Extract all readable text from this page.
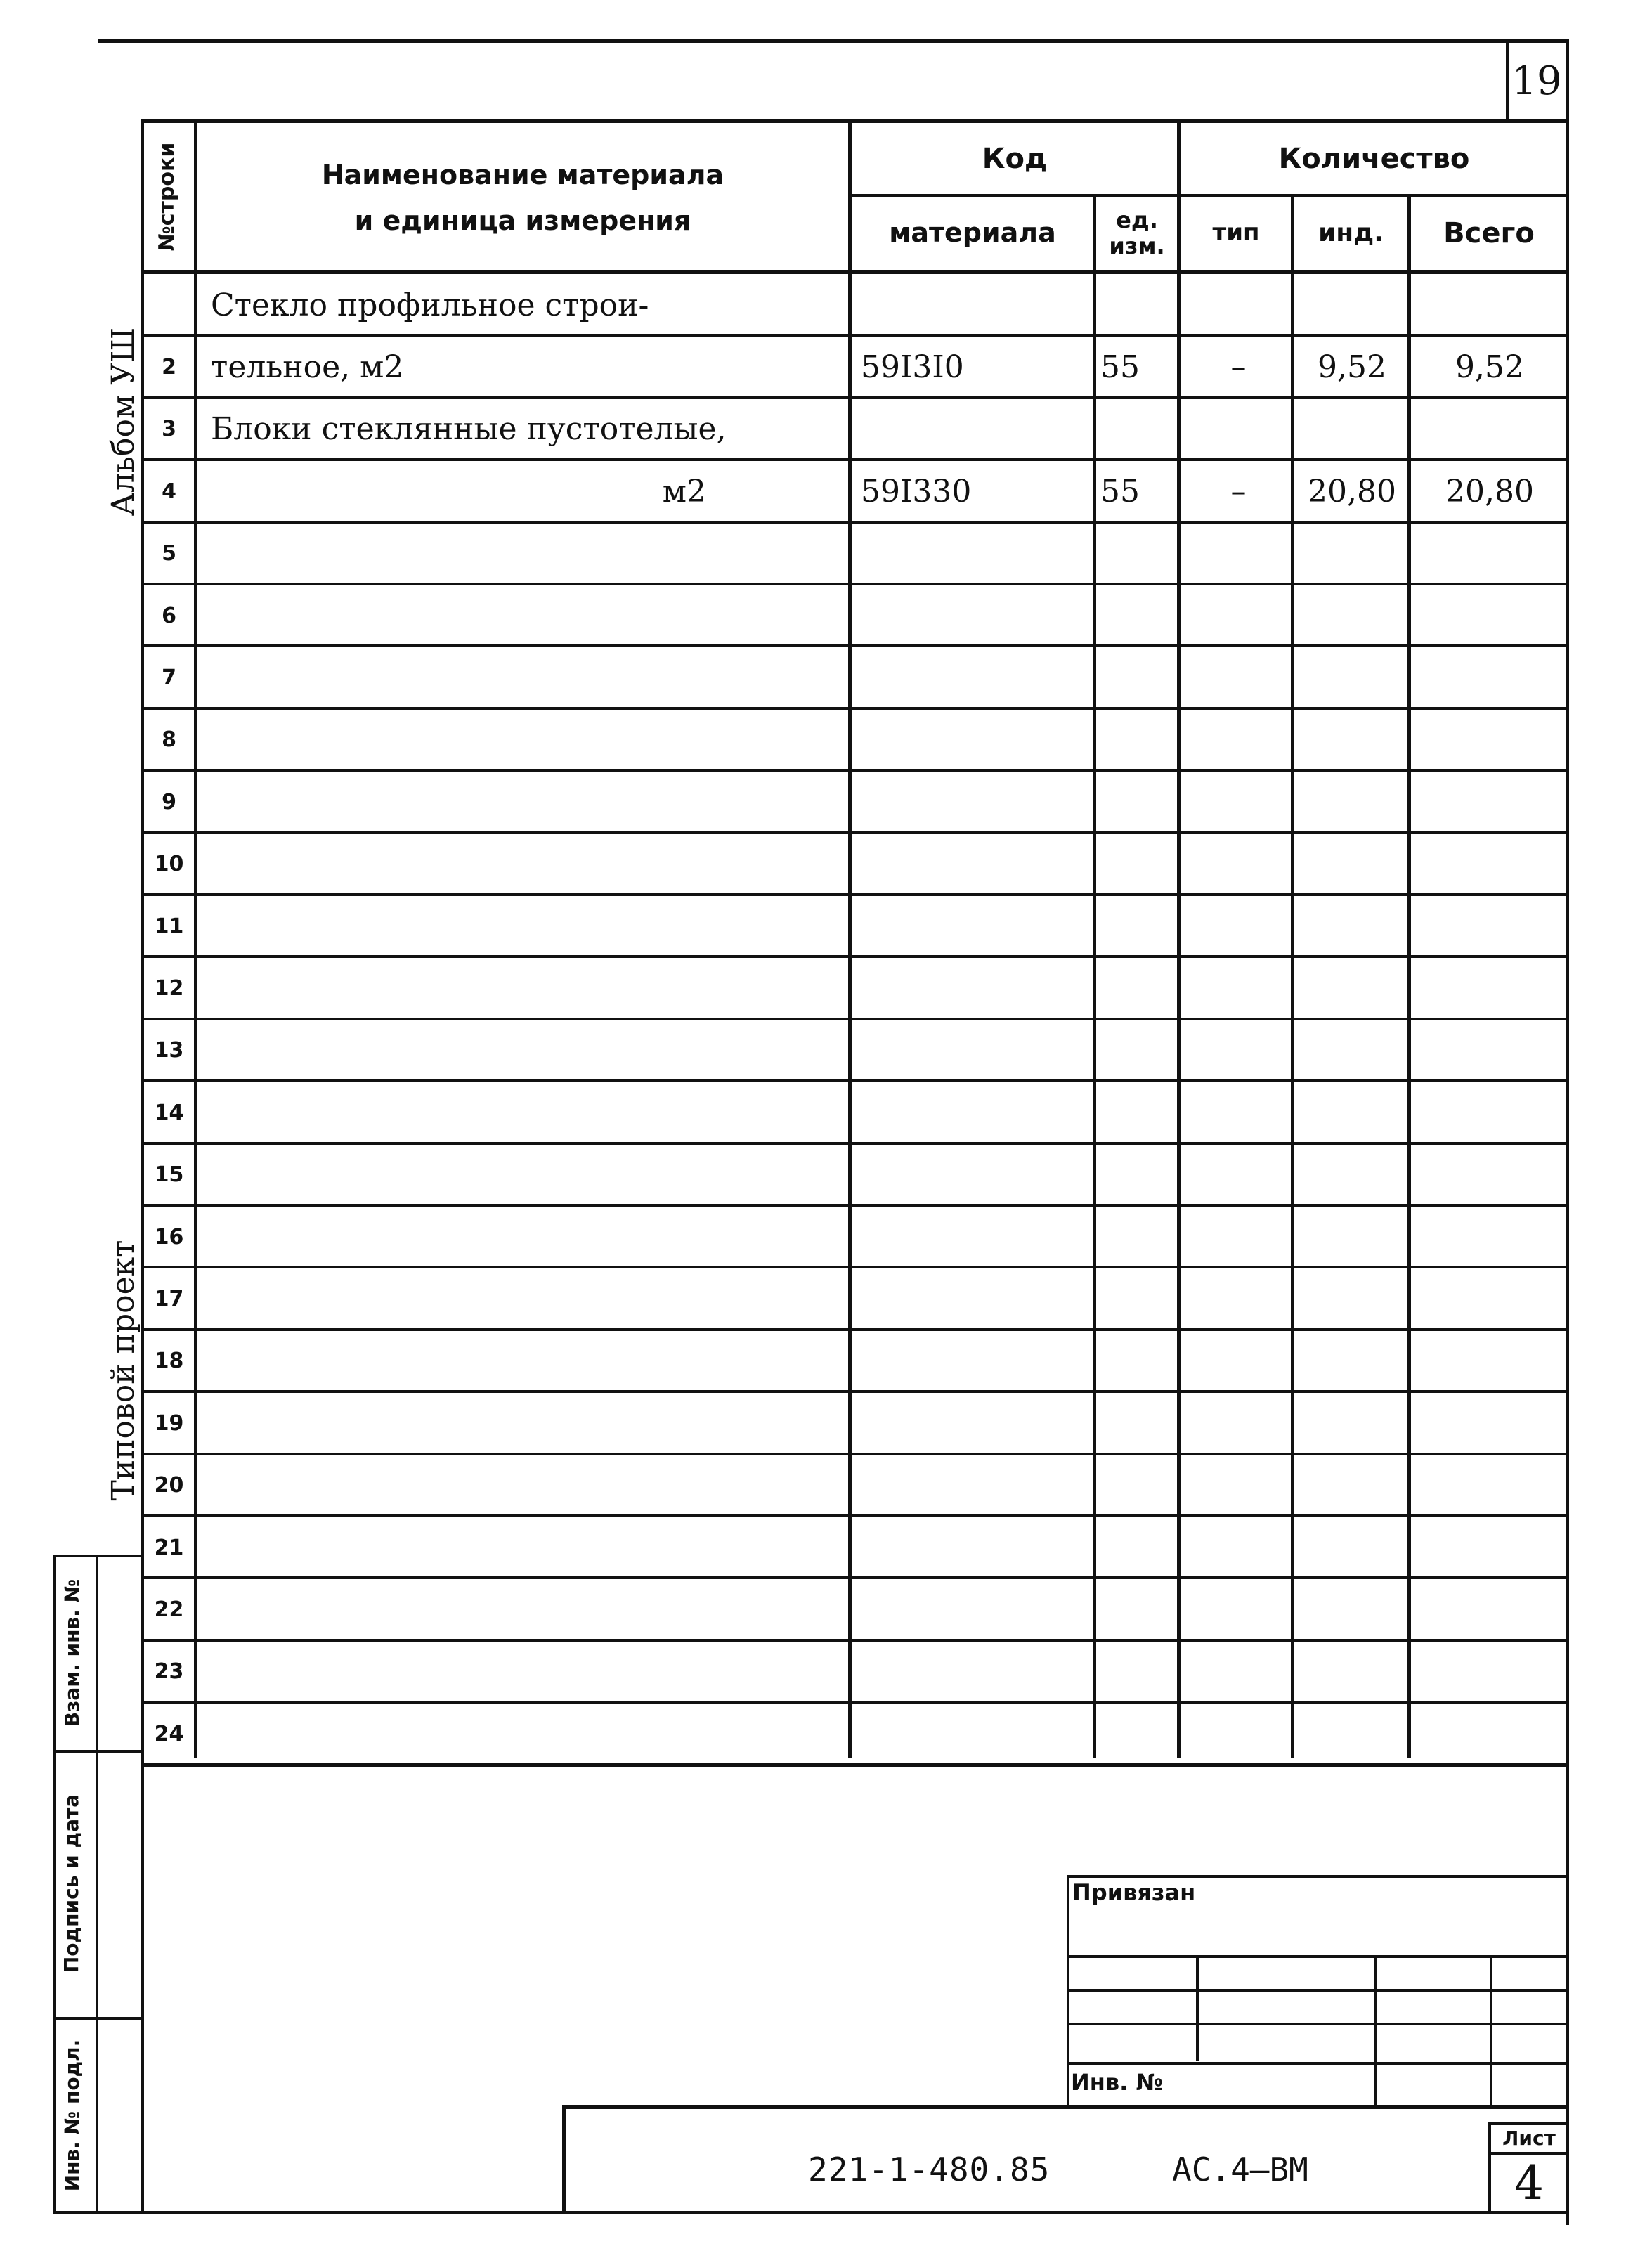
19
№строки	Наименование материала
и единица измерения
Код
материала	ед. изм.
Количество
тип	инд.	Всего
Стекло профильное строи-
2	тельное, м2	59I3I0	55	–	9,52	9,52
3	Блоки стеклянные пустотелые,
4	м2	59I330	55	–	20,80	20,80
5
6
7
8
9
10
11
12
13
14
15
16
17
18
19
20
21
22
23
24
Альбом УШ
Типовой проект
Взам. инв. №
Подпись и дата
Инв. № подл.
Привязан
Инв. №
Лист
4
221-1-480.85	АС.4–ВМ
